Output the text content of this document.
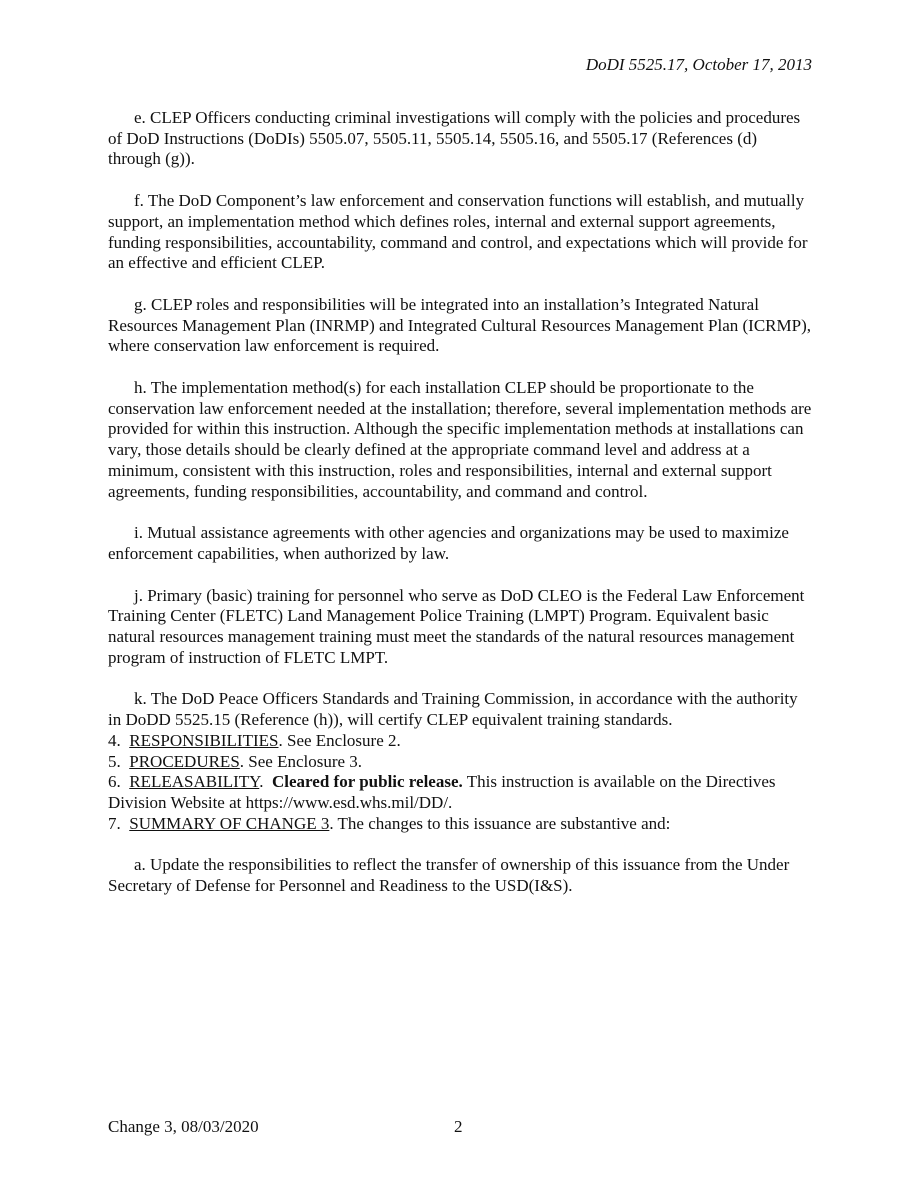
DoDI 5525.17, October 17, 2013

e. CLEP Officers conducting criminal investigations will comply with the policies and procedures of DoD Instructions (DoDIs) 5505.07, 5505.11, 5505.14, 5505.16, and 5505.17 (References (d) through (g)).

f. The DoD Component’s law enforcement and conservation functions will establish, and mutually support, an implementation method which defines roles, internal and external support agreements, funding responsibilities, accountability, command and control, and expectations which will provide for an effective and efficient CLEP.

g. CLEP roles and responsibilities will be integrated into an installation’s Integrated Natural Resources Management Plan (INRMP) and Integrated Cultural Resources Management Plan (ICRMP), where conservation law enforcement is required.

h. The implementation method(s) for each installation CLEP should be proportionate to the conservation law enforcement needed at the installation; therefore, several implementation methods are provided for within this instruction. Although the specific implementation methods at installations can vary, those details should be clearly defined at the appropriate command level and address at a minimum, consistent with this instruction, roles and responsibilities, internal and external support agreements, funding responsibilities, accountability, and command and control.

i. Mutual assistance agreements with other agencies and organizations may be used to maximize enforcement capabilities, when authorized by law.

j. Primary (basic) training for personnel who serve as DoD CLEO is the Federal Law Enforcement Training Center (FLETC) Land Management Police Training (LMPT) Program. Equivalent basic natural resources management training must meet the standards of the natural resources management program of instruction of FLETC LMPT.

k. The DoD Peace Officers Standards and Training Commission, in accordance with the authority in DoDD 5525.15 (Reference (h)), will certify CLEP equivalent training standards.

4. RESPONSIBILITIES. See Enclosure 2.

5. PROCEDURES. See Enclosure 3.

6. RELEASABILITY.  Cleared for public release. This instruction is available on the Directives Division Website at https://www.esd.whs.mil/DD/.

7. SUMMARY OF CHANGE 3. The changes to this issuance are substantive and:

a. Update the responsibilities to reflect the transfer of ownership of this issuance from the Under Secretary of Defense for Personnel and Readiness to the USD(I&S).

Change 3, 08/03/2020	2
